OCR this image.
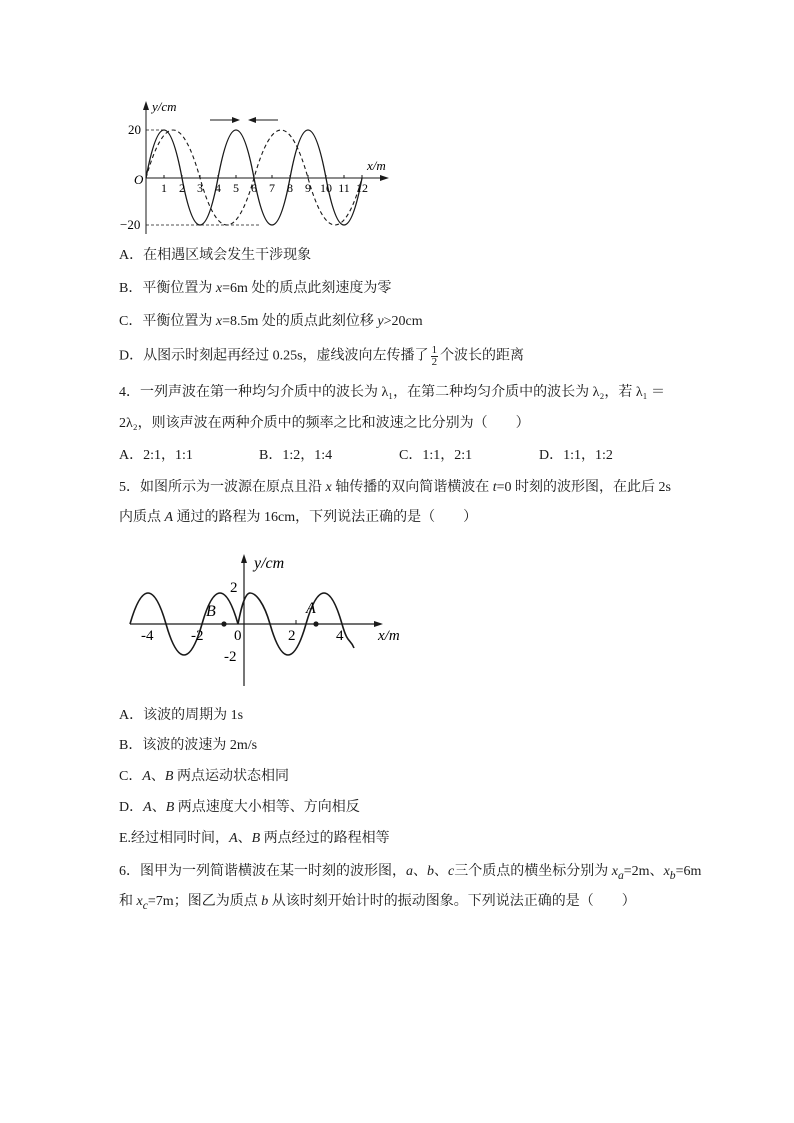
y/cm
x/m
O
20
−20
1 2 3 4 5 6 7 8 9 10 11 12
A．在相遇区域会发生干涉现象
B．平衡位置为 x=6m 处的质点此刻速度为零
C．平衡位置为 x=8.5m 处的质点此刻位移 y>20cm
D．从图示时刻起再经过 0.25s，虚线波向左传播了 $\frac{1}{2}$ 个波长的距离
4．一列声波在第一种均匀介质中的波长为 λ₁，在第二种均匀介质中的波长为 λ₂，若 λ₁ ＝
2λ₂，则该声波在两种介质中的频率之比和波速之比分别为（　　）
A．2:1，1:1	B．1:2，1:4	C．1:1，2:1	D．1:1，1:2
5．如图所示为一波源在原点且沿 x 轴传播的双向简谐横波在 t=0 时刻的波形图，在此后 2s
内质点 A 通过的路程为 16cm，下列说法正确的是（　　）
y/cm
x/m
2
-2
-4	-2 0	2	4
B	A
A．该波的周期为 1s
B．该波的波速为 2m/s
C．A、B 两点运动状态相同
D．A、B 两点速度大小相等、方向相反
E.经过相同时间，A、B 两点经过的路程相等
6．图甲为一列简谐横波在某一时刻的波形图，a、b、c三个质点的横坐标分别为 $x_a=2m$、$x_b=6m$
和 $x_c=7m$；图乙为质点 b 从该时刻开始计时的振动图象。下列说法正确的是（　　）
